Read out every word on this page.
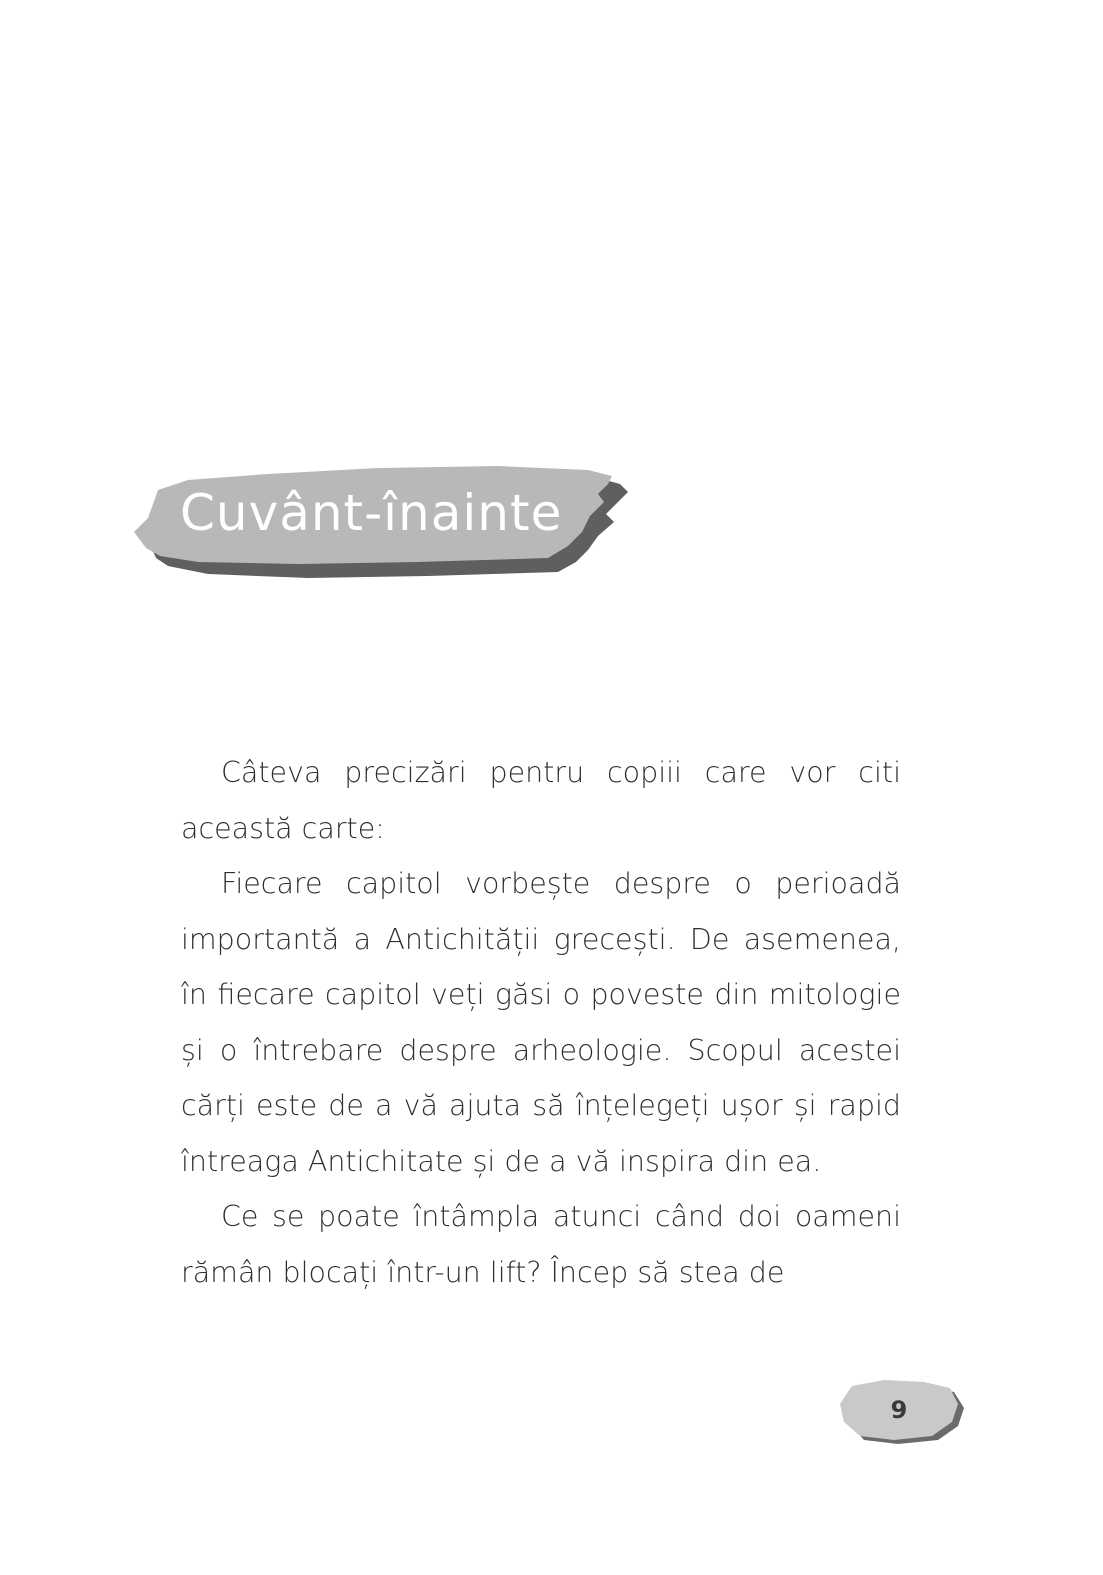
Cuvânt-înainte

Câteva precizări pentru copiii care vor citi această carte:

Fiecare capitol vorbește despre o perioadă importantă a Antichității grecești. De asemenea, în fiecare capitol veți găsi o poveste din mitologie și o întrebare despre arheologie. Scopul acestei cărți este de a vă ajuta să înțelegeți ușor și rapid întreaga Antichitate și de a vă inspira din ea.

Ce se poate întâmpla atunci când doi oameni rămân blocați într-un lift? Încep să stea de

9
